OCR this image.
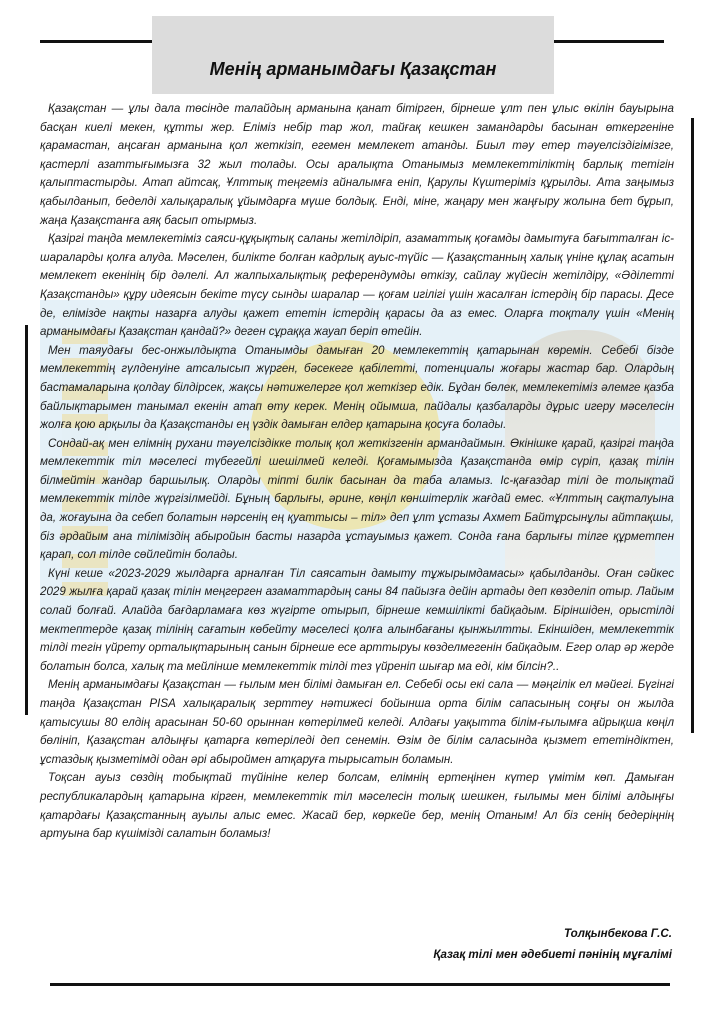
Менің арманымдағы Қазақстан

Қазақстан — ұлы дала төсінде талайдың арманына қанат бітірген, бірнеше ұлт пен ұлыс өкілін бауырына басқан киелі мекен, құтты жер. Еліміз небір тар жол, тайғақ кешкен замандарды басынан өткергеніне қарамастан, аңсаған арманына қол жеткізіп, егемен мемлекет атанды. Биыл тәу етер тәуелсіздігімізге, қастерлі азаттығымызға 32 жыл толады. Осы аралықта Отанымыз мемлекеттіліктің барлық тетігін қалыптастырды. Атап айтсақ, Ұлттық теңгеміз айналымға еніп, Қарулы Күштеріміз құрылды. Ата заңымыз қабылданып, беделді халықаралық ұйымдарға мүше болдық. Енді, міне, жаңару мен жаңғыру жолына бет бұрып, жаңа Қазақстанға аяқ басып отырмыз.

Қазіргі таңда мемлекетіміз саяси-құқықтық саланы жетілдіріп, азаматтық қоғамды дамытуға бағытталған іс-шараларды қолға алуда. Мәселен, билікте болған кадрлық ауыс-түйіс — Қазақстанның халық үніне құлақ асатын мемлекет екенінің бір дәлелі. Ал жалпыхалықтық референдумды өткізу, сайлау жүйесін жетілдіру, «Әділетті Қазақстанды» құру идеясын бекіте түсу сынды шаралар — қоғам игілігі үшін жасалған істердің бір парасы. Десе де, елімізде нақты назарға алуды қажет ететін істердің қарасы да аз емес. Оларға тоқталу үшін «Менің арманымдағы Қазақстан қандай?» деген сұраққа жауап беріп өтейін.

Мен таяудағы бес-онжылдықта Отанымды дамыған 20 мемлекеттің қатарынан көремін. Себебі бізде мемлекеттің гүлденуіне атсалысып жүрген, бәсекеге қабілетті, потенциалы жоғары жастар бар. Олардың бастамаларына қолдау білдірсек, жақсы нәтижелерге қол жеткізер едік. Бұдан бөлек, мемлекетіміз әлемге қазба байлықтарымен танымал екенін атап өту керек. Менің ойымша, пайдалы қазбаларды дұрыс игеру мәселесін жолға қою арқылы да Қазақстанды ең үздік дамыған елдер қатарына қосуға болады.

Сондай-ақ мен елімнің рухани тәуелсіздікке толық қол жеткізгенін армандаймын. Өкінішке қарай, қазіргі таңда мемлекеттік тіл мәселесі түбегейлі шешілмей келеді. Қоғамымызда Қазақстанда өмір сүріп, қазақ тілін білмейтін жандар баршылық. Оларды тіпті билік басынан да таба аламыз. Іс-қағаздар тілі де толықтай мемлекеттік тілде жүргізілмейді. Бұның барлығы, әрине, көңіл көншітерлік жағдай емес. «Ұлттың сақталуына да, жоғауына да себеп болатын нәрсенің ең қуаттысы – тіл» деп ұлт ұстазы Ахмет Байтұрсынұлы айтпақшы, біз әрдайым ана тіліміздің абыройын басты назарда ұстауымыз қажет. Сонда ғана барлығы тілге құрметпен қарап, сол тілде сөйлейтін болады.

Күні кеше «2023-2029 жылдарға арналған Тіл саясатын дамыту тұжырымдамасы» қабылданды. Оған сәйкес 2029 жылға қарай қазақ тілін меңгерген азаматтардың саны 84 пайызға дейін артады деп көзделіп отыр. Лайым солай болғай. Алайда бағдарламаға көз жүгірте отырып, бірнеше кемшілікті байқадым. Біріншіден, орыстілді мектептерде қазақ тілінің сағатын көбейту мәселесі қолға алынбағаны қынжылтты. Екіншіден, мемлекеттік тілді тегін үйрету орталықтарының санын бірнеше есе арттыруы көзделмегенін байқадым. Егер олар әр жерде болатын болса, халық та мейлінше мемлекеттік тілді тез үйреніп шығар ма еді, кім білсін?..

Менің арманымдағы Қазақстан — ғылым мен білімі дамыған ел. Себебі осы екі сала — мәңгілік ел мәйегі. Бүгінгі таңда Қазақстан PISA халықаралық зерттеу нәтижесі бойынша орта білім сапасының соңғы он жылда қатысушы 80 елдің арасынан 50-60 орыннан көтерілмей келеді. Алдағы уақытта білім-ғылымға айрықша көңіл бөлініп, Қазақстан алдыңғы қатарға көтеріледі деп сенемін. Өзім де білім саласында қызмет ететіндіктен, ұстаздық қызметімді одан әрі абыроймен атқаруға тырысатын боламын.

Тоқсан ауыз сөздің тобықтай түйініне келер болсам, елімнің ертеңінен күтер үмітім көп. Дамыған республикалардың қатарына кірген, мемлекеттік тіл мәселесін толық шешкен, ғылымы мен білімі алдыңғы қатардағы Қазақстанның ауылы алыс емес. Жасай бер, көркейе бер, менің Отаным! Ал біз сенің бедеріңнің артуына бар күшімізді салатын боламыз!

Толқынбекова Г.С.
Қазақ тілі мен әдебиеті пәнінің мұғалімі
